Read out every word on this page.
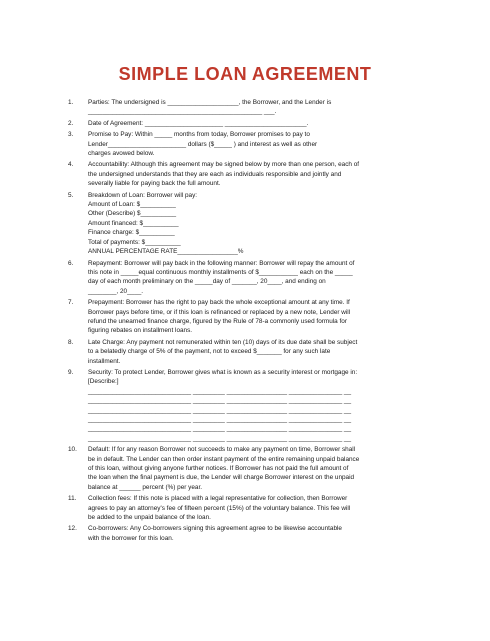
SIMPLE LOAN AGREEMENT
1. Parties: The undersigned is ____________________, the Borrower, and the Lender is
_________________________________________________ ___.
2. Date of Agreement: ______________________ _______________________.
3. Promise to Pay: Within _____ months from today, Borrower promises to pay to
Lender______________________ dollars ($_____ ) and interest as well as other
charges avowed below.
4. Accountability: Although this agreement may be signed below by more than one person, each of
the undersigned understands that they are each as individuals responsible and jointly and
severally liable for paying back the full amount.
5. Breakdown of Loan: Borrower will pay:
Amount of Loan: $__________
Other (Describe) $__________
Amount financed: $__________
Finance charge: $__________
Total of payments: $__________
ANNUAL PERCENTAGE RATE_________________%
6. Repayment: Borrower will pay back in the following manner: Borrower will repay the amount of
this note in _____equal continuous monthly installments of $___________ each on the _____
day of each month preliminary on the _____day of _______, 20____, and ending on
________, 20____.
7. Prepayment: Borrower has the right to pay back the whole exceptional amount at any time. If
Borrower pays before time, or if this loan is refinanced or replaced by a new note, Lender will
refund the unearned finance charge, figured by the Rule of 78-a commonly used formula for
figuring rebates on installment loans.
8. Late Charge: Any payment not remunerated within ten (10) days of its due date shall be subject
to a belatedly charge of 5% of the payment, not to exceed $_______ for any such late
installment.
9. Security: To protect Lender, Borrower gives what is known as a security interest or mortgage in:
[Describe:]
_____________________________ _________ _________________ _______________ __
_____________________________ _________ _________________ _______________ __
_____________________________ _________ _________________ _______________ __
_____________________________ _________ _________________ _______________ __
_____________________________ _________ _________________ _______________ __
_____________________________ _________ _________________ _______________ __
10. Default: If for any reason Borrower not succeeds to make any payment on time, Borrower shall
be in default. The Lender can then order instant payment of the entire remaining unpaid balance
of this loan, without giving anyone further notices. If Borrower has not paid the full amount of
the loan when the final payment is due, the Lender will charge Borrower interest on the unpaid
balance at ______ percent (%) per year.
11. Collection fees: If this note is placed with a legal representative for collection, then Borrower
agrees to pay an attorney's fee of fifteen percent (15%) of the voluntary balance. This fee will
be added to the unpaid balance of the loan.
12. Co-borrowers: Any Co-borrowers signing this agreement agree to be likewise accountable
with the borrower for this loan.
